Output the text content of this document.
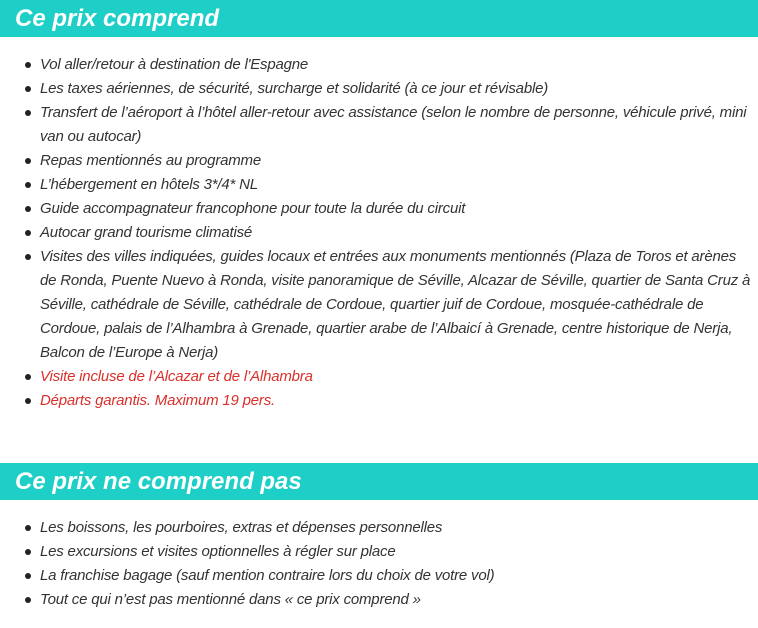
Ce prix comprend
Vol aller/retour à destination de l'Espagne
Les taxes aériennes, de sécurité, surcharge et solidarité (à ce jour et révisable)
Transfert de l’aéroport à l’hôtel aller-retour avec assistance (selon le nombre de personne, véhicule privé, mini van ou autocar)
Repas mentionnés au programme
L’hébergement en hôtels 3*/4* NL
Guide accompagnateur francophone pour toute la durée du circuit
Autocar grand tourisme climatisé
Visites des villes indiquées, guides locaux et entrées aux monuments mentionnés (Plaza de Toros et arènes de Ronda, Puente Nuevo à Ronda, visite panoramique de Séville, Alcazar de Séville, quartier de Santa Cruz à Séville, cathédrale de Séville, cathédrale de Cordoue, quartier juif de Cordoue, mosquée-cathédrale de Cordoue, palais de l’Alhambra à Grenade, quartier arabe de l’Albaicí à Grenade, centre historique de Nerja, Balcon de l’Europe à Nerja)
Visite incluse de l’Alcazar et de l’Alhambra
Départs garantis. Maximum 19 pers.
Ce prix ne comprend pas
Les boissons, les pourboires, extras et dépenses personnelles
Les excursions et visites optionnelles à régler sur place
La franchise bagage (sauf mention contraire lors du choix de votre vol)
Tout ce qui n’est pas mentionné dans « ce prix comprend »
